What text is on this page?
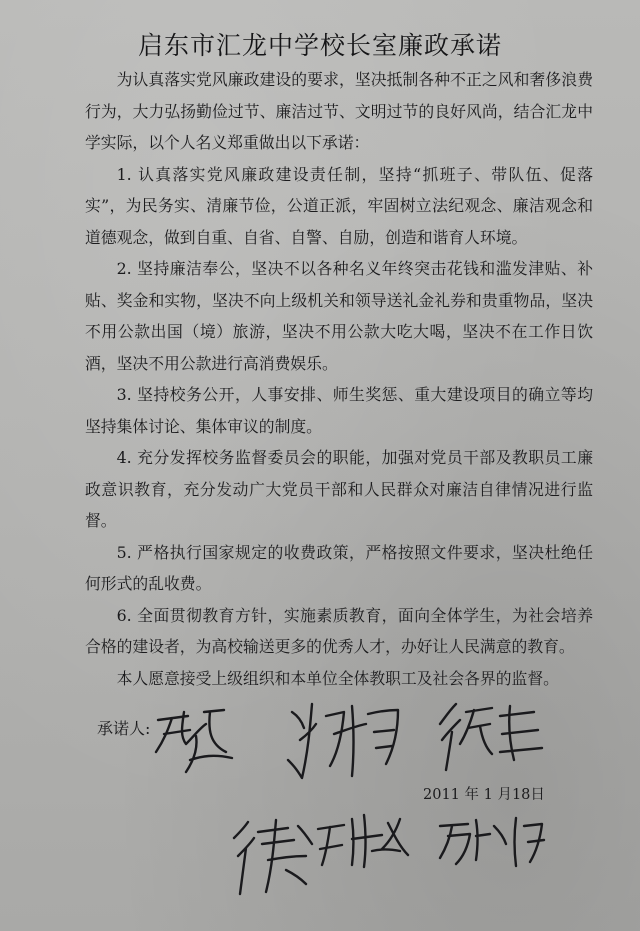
启东市汇龙中学校长室廉政承诺

为认真落实党风廉政建设的要求，坚决抵制各种不正之风和奢侈浪费行为，大力弘扬勤俭过节、廉洁过节、文明过节的良好风尚，结合汇龙中学实际，以个人名义郑重做出以下承诺：

1. 认真落实党风廉政建设责任制，坚持“抓班子、带队伍、促落实”，为民务实、清廉节俭，公道正派，牢固树立法纪观念、廉洁观念和道德观念，做到自重、自省、自警、自励，创造和谐育人环境。

2. 坚持廉洁奉公，坚决不以各种名义年终突击花钱和滥发津贴、补贴、奖金和实物，坚决不向上级机关和领导送礼金礼券和贵重物品，坚决不用公款出国（境）旅游，坚决不用公款大吃大喝，坚决不在工作日饮酒，坚决不用公款进行高消费娱乐。

3. 坚持校务公开，人事安排、师生奖惩、重大建设项目的确立等均坚持集体讨论、集体审议的制度。

4. 充分发挥校务监督委员会的职能，加强对党员干部及教职员工廉政意识教育，充分发动广大党员干部和人民群众对廉洁自律情况进行监督。

5. 严格执行国家规定的收费政策，严格按照文件要求，坚决杜绝任何形式的乱收费。

6. 全面贯彻教育方针，实施素质教育，面向全体学生，为社会培养合格的建设者，为高校输送更多的优秀人才，办好让人民满意的教育。

本人愿意接受上级组织和本单位全体教职工及社会各界的监督。

承诺人:
2011 年 1 月18日
